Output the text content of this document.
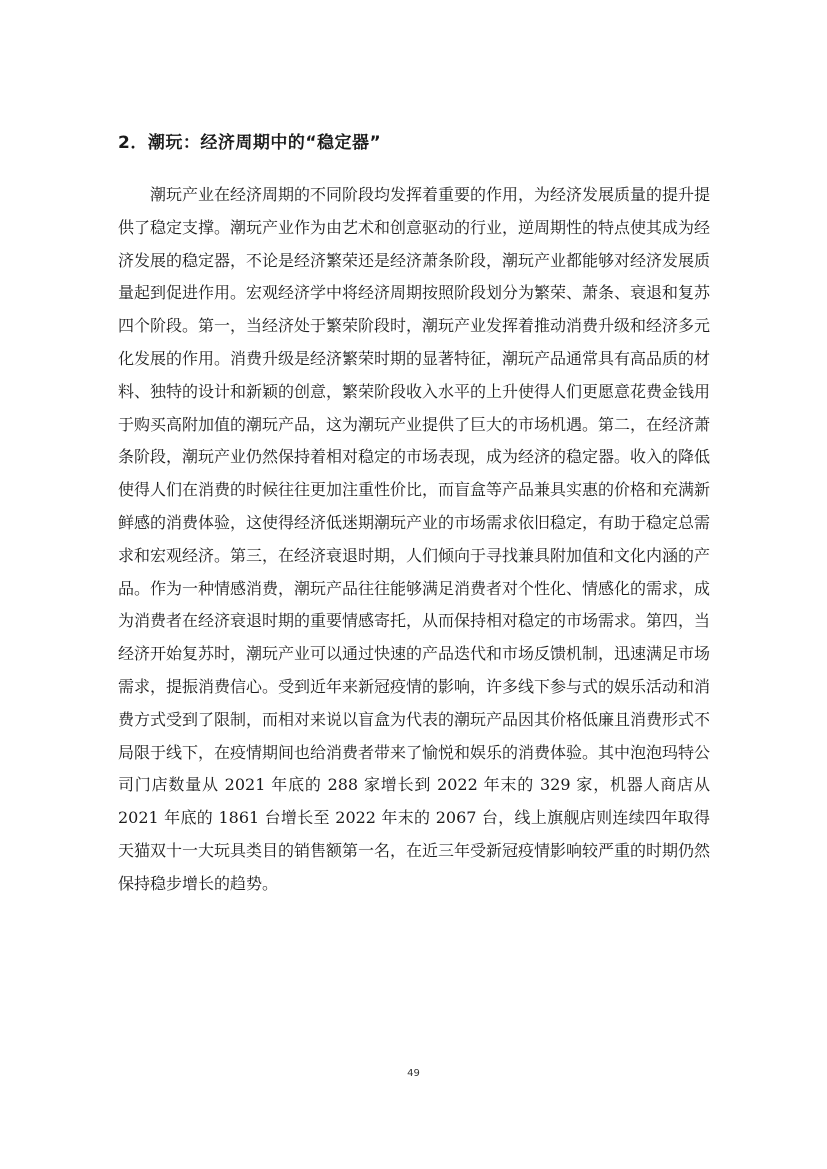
2．潮玩：经济周期中的“稳定器”

潮玩产业在经济周期的不同阶段均发挥着重要的作用，为经济发展质量的提升提供了稳定支撑。潮玩产业作为由艺术和创意驱动的行业，逆周期性的特点使其成为经济发展的稳定器，不论是经济繁荣还是经济萧条阶段，潮玩产业都能够对经济发展质量起到促进作用。宏观经济学中将经济周期按照阶段划分为繁荣、萧条、衰退和复苏四个阶段。第一，当经济处于繁荣阶段时，潮玩产业发挥着推动消费升级和经济多元化发展的作用。消费升级是经济繁荣时期的显著特征，潮玩产品通常具有高品质的材料、独特的设计和新颖的创意，繁荣阶段收入水平的上升使得人们更愿意花费金钱用于购买高附加值的潮玩产品，这为潮玩产业提供了巨大的市场机遇。第二，在经济萧条阶段，潮玩产业仍然保持着相对稳定的市场表现，成为经济的稳定器。收入的降低使得人们在消费的时候往往更加注重性价比，而盲盒等产品兼具实惠的价格和充满新鲜感的消费体验，这使得经济低迷期潮玩产业的市场需求依旧稳定，有助于稳定总需求和宏观经济。第三，在经济衰退时期，人们倾向于寻找兼具附加值和文化内涵的产品。作为一种情感消费，潮玩产品往往能够满足消费者对个性化、情感化的需求，成为消费者在经济衰退时期的重要情感寄托，从而保持相对稳定的市场需求。第四，当经济开始复苏时，潮玩产业可以通过快速的产品迭代和市场反馈机制，迅速满足市场需求，提振消费信心。受到近年来新冠疫情的影响，许多线下参与式的娱乐活动和消费方式受到了限制，而相对来说以盲盒为代表的潮玩产品因其价格低廉且消费形式不局限于线下，在疫情期间也给消费者带来了愉悦和娱乐的消费体验。其中泡泡玛特公司门店数量从 2021 年底的 288 家增长到 2022 年末的 329 家，机器人商店从 2021 年底的 1861 台增长至 2022 年末的 2067 台，线上旗舰店则连续四年取得天猫双十一大玩具类目的销售额第一名，在近三年受新冠疫情影响较严重的时期仍然保持稳步增长的趋势。

49
